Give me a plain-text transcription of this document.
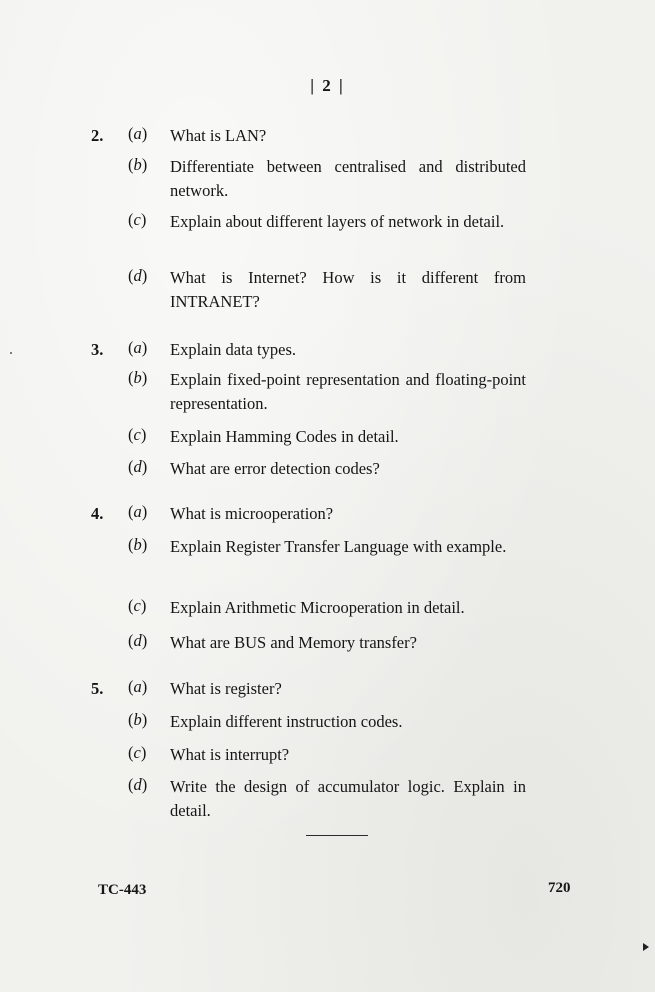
| 2 |
2. (a) What is LAN?
(b) Differentiate between centralised and distributed network.
(c) Explain about different layers of network in detail.
(d) What is Internet? How is it different from INTRANET?
3. (a) Explain data types.
(b) Explain fixed-point representation and floating-point representation.
(c) Explain Hamming Codes in detail.
(d) What are error detection codes?
4. (a) What is microoperation?
(b) Explain Register Transfer Language with example.
(c) Explain Arithmetic Microoperation in detail.
(d) What are BUS and Memory transfer?
5. (a) What is register?
(b) Explain different instruction codes.
(c) What is interrupt?
(d) Write the design of accumulator logic. Explain in detail.
TC-443	720
